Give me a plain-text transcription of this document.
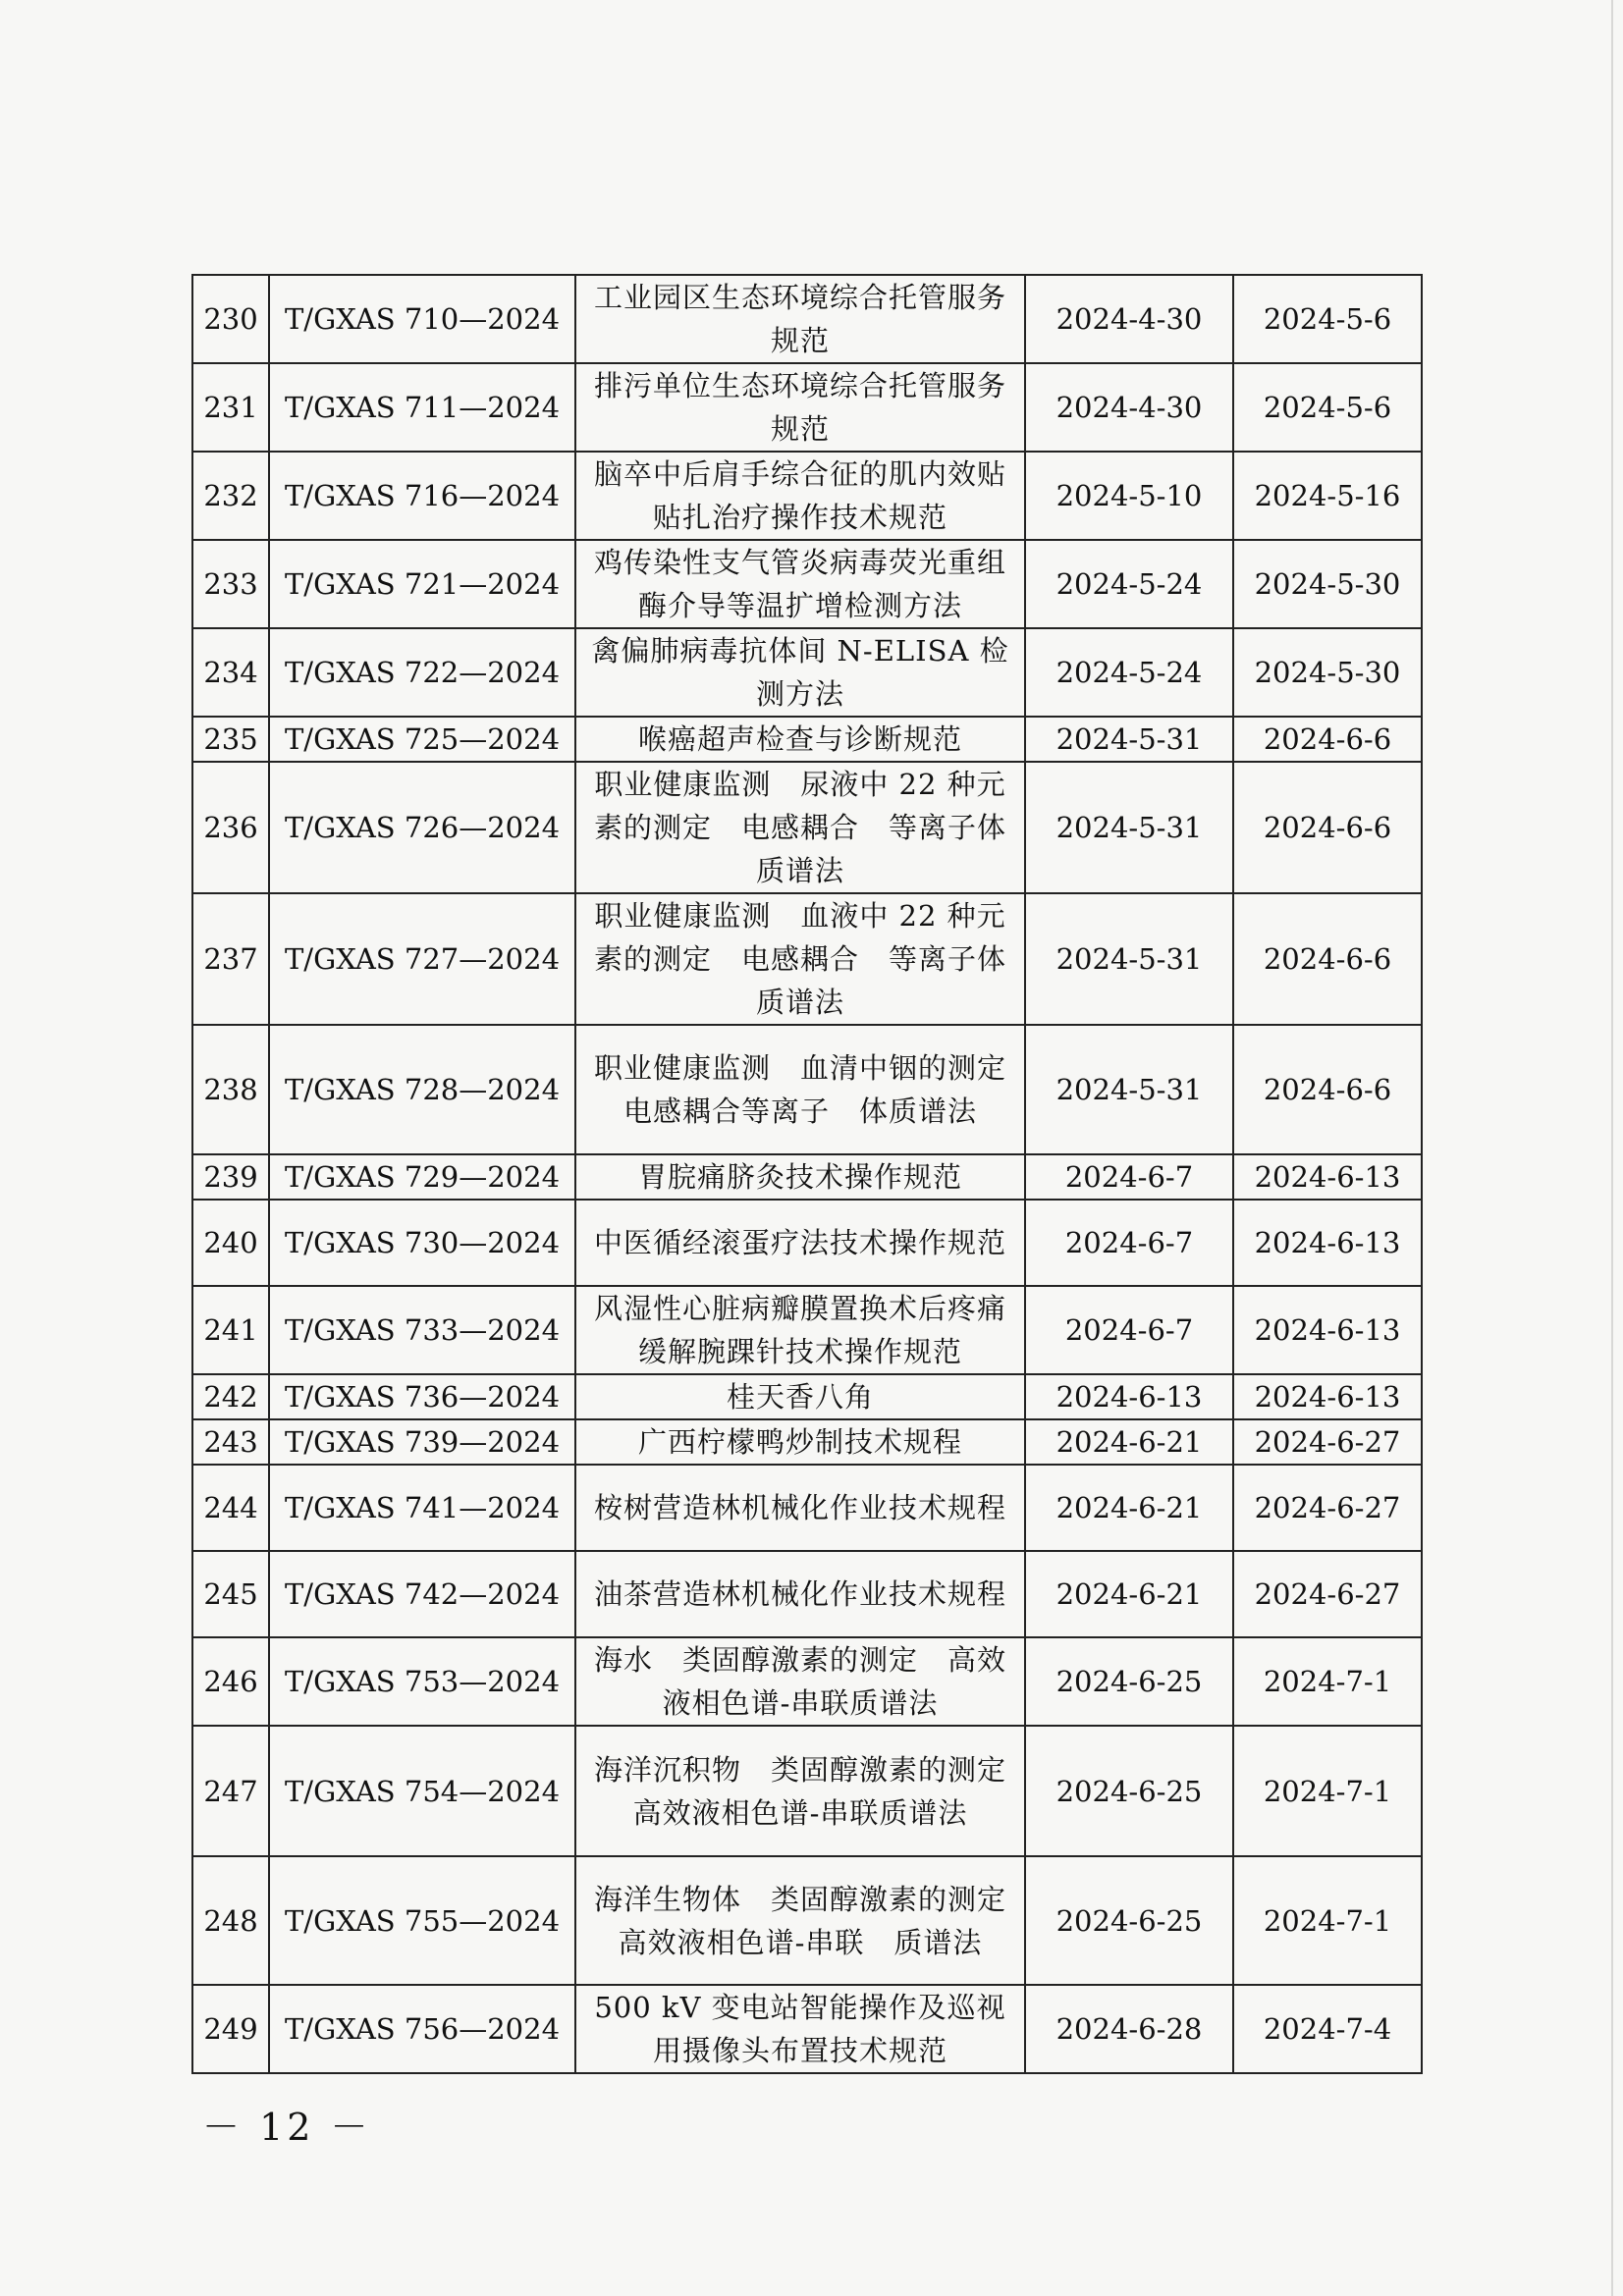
230	T/GXAS 710—2024	工业园区生态环境综合托管服务规范	2024-4-30	2024-5-6
231	T/GXAS 711—2024	排污单位生态环境综合托管服务规范	2024-4-30	2024-5-6
232	T/GXAS 716—2024	脑卒中后肩手综合征的肌内效贴贴扎治疗操作技术规范	2024-5-10	2024-5-16
233	T/GXAS 721—2024	鸡传染性支气管炎病毒荧光重组酶介导等温扩增检测方法	2024-5-24	2024-5-30
234	T/GXAS 722—2024	禽偏肺病毒抗体间 N-ELISA 检测方法	2024-5-24	2024-5-30
235	T/GXAS 725—2024	喉癌超声检查与诊断规范	2024-5-31	2024-6-6
236	T/GXAS 726—2024	职业健康监测　尿液中 22 种元素的测定　电感耦合　等离子体质谱法	2024-5-31	2024-6-6
237	T/GXAS 727—2024	职业健康监测　血液中 22 种元素的测定　电感耦合　等离子体质谱法	2024-5-31	2024-6-6
238	T/GXAS 728—2024	职业健康监测　血清中铟的测定　电感耦合等离子　体质谱法	2024-5-31	2024-6-6
239	T/GXAS 729—2024	胃脘痛脐灸技术操作规范	2024-6-7	2024-6-13
240	T/GXAS 730—2024	中医循经滚蛋疗法技术操作规范	2024-6-7	2024-6-13
241	T/GXAS 733—2024	风湿性心脏病瓣膜置换术后疼痛缓解腕踝针技术操作规范	2024-6-7	2024-6-13
242	T/GXAS 736—2024	桂天香八角	2024-6-13	2024-6-13
243	T/GXAS 739—2024	广西柠檬鸭炒制技术规程	2024-6-21	2024-6-27
244	T/GXAS 741—2024	桉树营造林机械化作业技术规程	2024-6-21	2024-6-27
245	T/GXAS 742—2024	油茶营造林机械化作业技术规程	2024-6-21	2024-6-27
246	T/GXAS 753—2024	海水　类固醇激素的测定　高效液相色谱-串联质谱法	2024-6-25	2024-7-1
247	T/GXAS 754—2024	海洋沉积物　类固醇激素的测定　高效液相色谱-串联质谱法	2024-6-25	2024-7-1
248	T/GXAS 755—2024	海洋生物体　类固醇激素的测定　高效液相色谱-串联　质谱法	2024-6-25	2024-7-1
249	T/GXAS 756—2024	500 kV 变电站智能操作及巡视用摄像头布置技术规范	2024-6-28	2024-7-4
－ 12 －
